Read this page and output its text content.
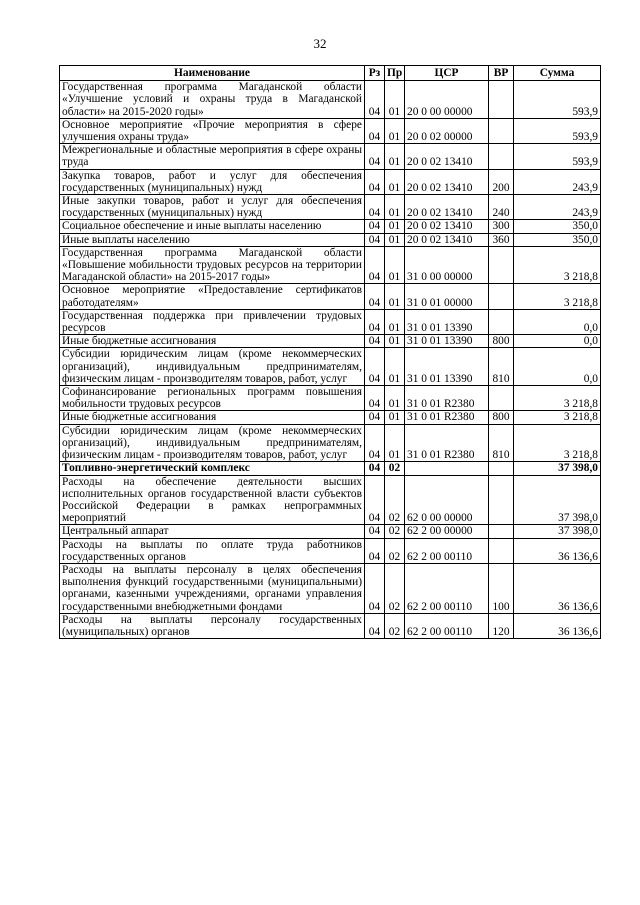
32
Наименование	Рз	Пр	ЦСР	ВР	Сумма
Государственная программа Магаданской области «Улучшение условий и охраны труда в Магаданской области» на 2015-2020 годы»	04	01	20 0 00 00000		593,9
Основное мероприятие «Прочие мероприятия в сфере улучшения охраны труда»	04	01	20 0 02 00000		593,9
Межрегиональные и областные мероприятия в сфере охраны труда	04	01	20 0 02 13410		593,9
Закупка товаров, работ и услуг для обеспечения государственных (муниципальных) нужд	04	01	20 0 02 13410	200	243,9
Иные закупки товаров, работ и услуг для обеспечения государственных (муниципальных) нужд	04	01	20 0 02 13410	240	243,9
Социальное обеспечение и иные выплаты населению	04	01	20 0 02 13410	300	350,0
Иные выплаты населению	04	01	20 0 02 13410	360	350,0
Государственная программа Магаданской области «Повышение мобильности трудовых ресурсов на территории Магаданской области» на 2015-2017 годы»	04	01	31 0 00 00000		3 218,8
Основное мероприятие «Предоставление сертификатов работодателям»	04	01	31 0 01 00000		3 218,8
Государственная поддержка при привлечении трудовых ресурсов	04	01	31 0 01 13390		0,0
Иные бюджетные ассигнования	04	01	31 0 01 13390	800	0,0
Субсидии юридическим лицам (кроме некоммерческих организаций), индивидуальным предпринимателям, физическим лицам - производителям товаров, работ, услуг	04	01	31 0 01 13390	810	0,0
Софинансирование региональных программ повышения мобильности трудовых ресурсов	04	01	31 0 01 R2380		3 218,8
Иные бюджетные ассигнования	04	01	31 0 01 R2380	800	3 218,8
Субсидии юридическим лицам (кроме некоммерческих организаций), индивидуальным предпринимателям, физическим лицам - производителям товаров, работ, услуг	04	01	31 0 01 R2380	810	3 218,8
Топливно-энергетический комплекс	04	02			37 398,0
Расходы на обеспечение деятельности высших исполнительных органов государственной власти субъектов Российской Федерации в рамках непрограммных мероприятий	04	02	62 0 00 00000		37 398,0
Центральный аппарат	04	02	62 2 00 00000		37 398,0
Расходы на выплаты по оплате труда работников государственных органов	04	02	62 2 00 00110		36 136,6
Расходы на выплаты персоналу в целях обеспечения выполнения функций государственными (муниципальными) органами, казенными учреждениями, органами управления государственными внебюджетными фондами	04	02	62 2 00 00110	100	36 136,6
Расходы на выплаты персоналу государственных (муниципальных) органов	04	02	62 2 00 00110	120	36 136,6
